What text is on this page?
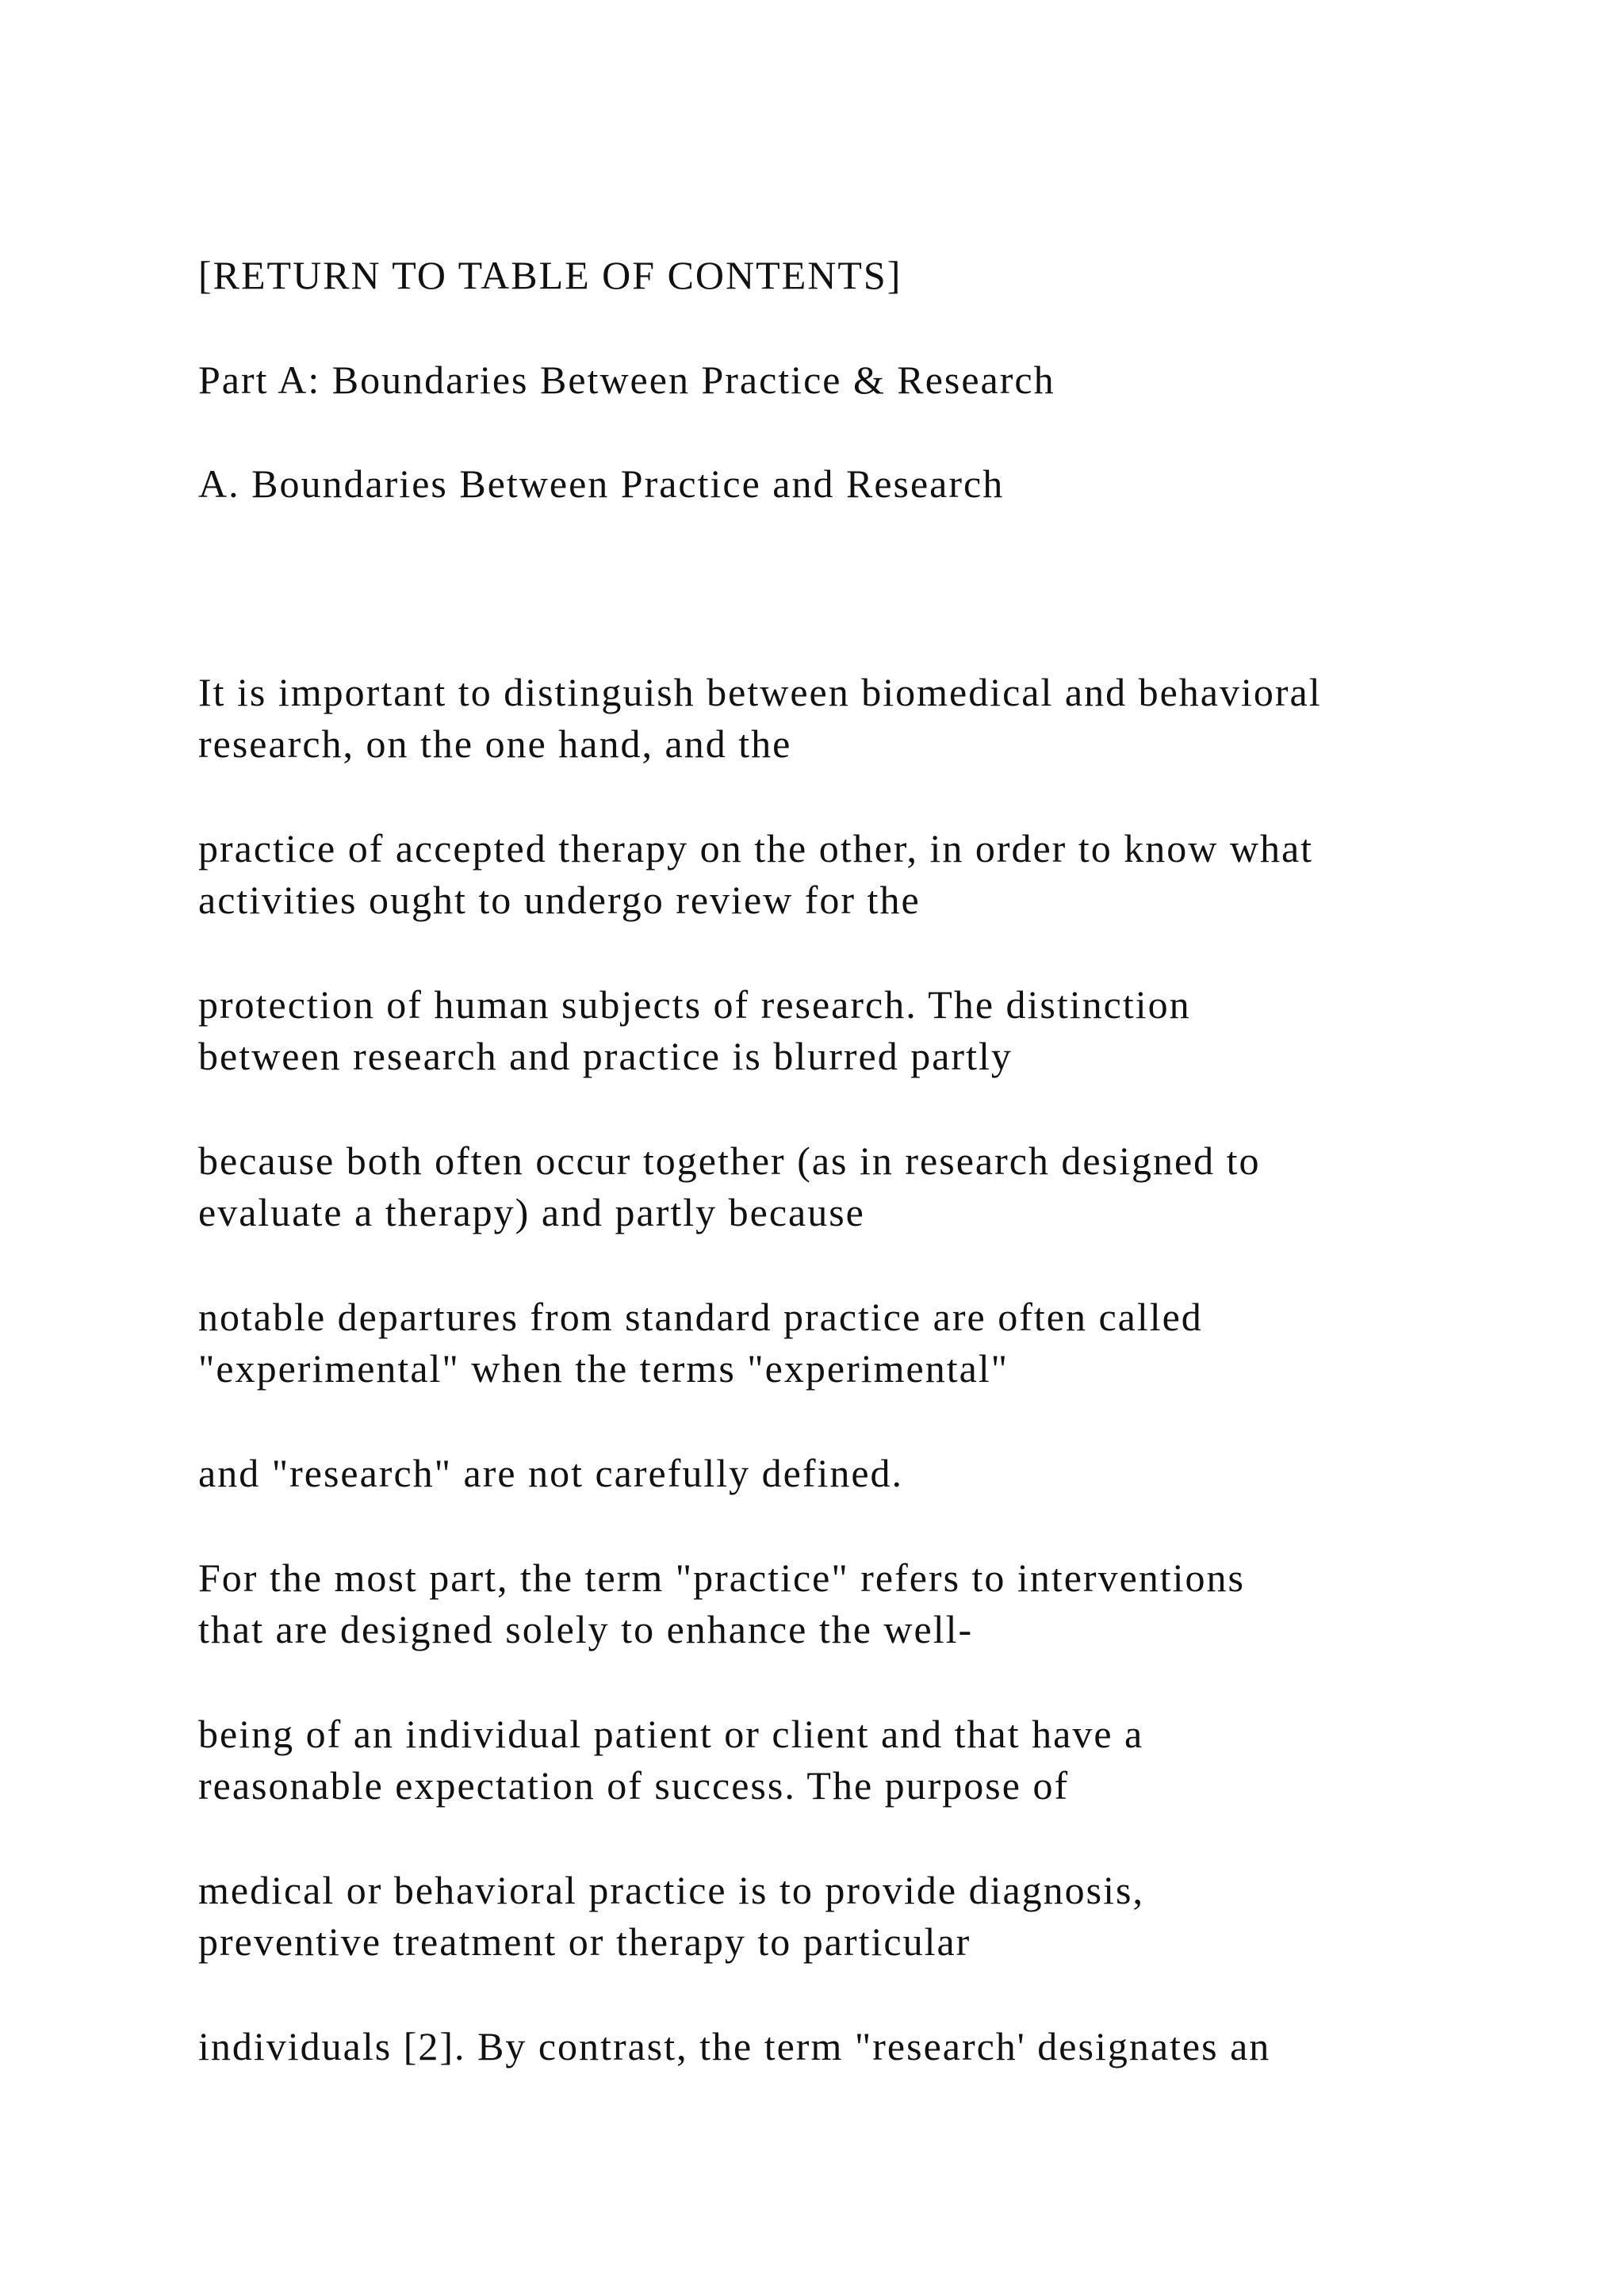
[RETURN TO TABLE OF CONTENTS]

Part A: Boundaries Between Practice & Research

A. Boundaries Between Practice and Research

It is important to distinguish between biomedical and behavioral

research, on the one hand, and the

practice of accepted therapy on the other, in order to know what

activities ought to undergo review for the

protection of human subjects of research. The distinction

between research and practice is blurred partly

because both often occur together (as in research designed to

evaluate a therapy) and partly because

notable departures from standard practice are often called

"experimental" when the terms "experimental"

and "research" are not carefully defined.

For the most part, the term "practice" refers to interventions

that are designed solely to enhance the well-

being of an individual patient or client and that have a

reasonable expectation of success. The purpose of

medical or behavioral practice is to provide diagnosis,

preventive treatment or therapy to particular

individuals [2]. By contrast, the term "research' designates an
